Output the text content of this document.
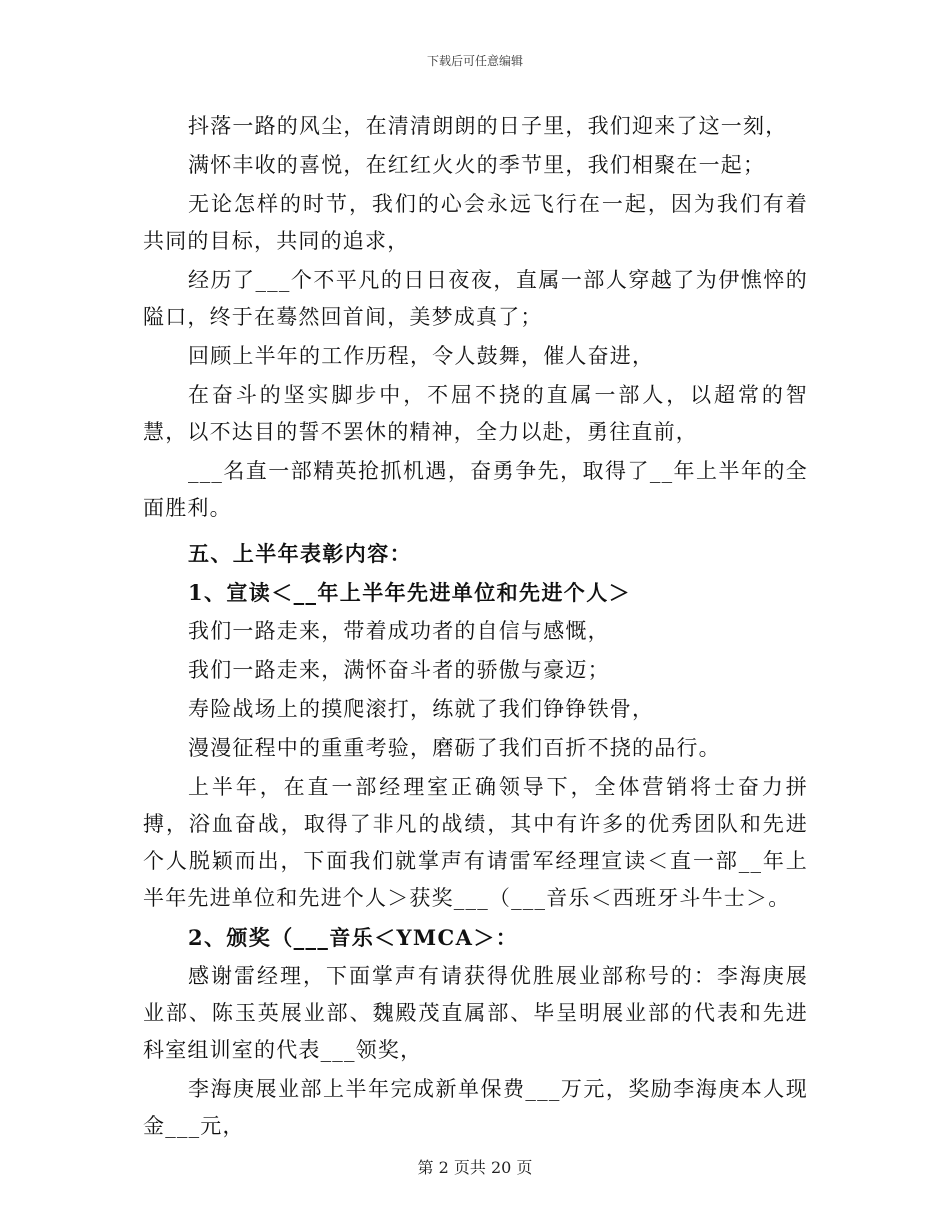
下载后可任意编辑

抖落一路的风尘，在清清朗朗的日子里，我们迎来了这一刻，

满怀丰收的喜悦，在红红火火的季节里，我们相聚在一起；

无论怎样的时节，我们的心会永远飞行在一起，因为我们有着共同的目标，共同的追求，

经历了___个不平凡的日日夜夜，直属一部人穿越了为伊憔悴的隘口，终于在蓦然回首间，美梦成真了；

回顾上半年的工作历程，令人鼓舞，催人奋进，

在奋斗的坚实脚步中，不屈不挠的直属一部人，以超常的智慧，以不达目的誓不罢休的精神，全力以赴，勇往直前，

___名直一部精英抢抓机遇，奋勇争先，取得了__年上半年的全面胜利。

五、上半年表彰内容：

1、宣读＜__年上半年先进单位和先进个人＞

我们一路走来，带着成功者的自信与感慨，

我们一路走来，满怀奋斗者的骄傲与豪迈；

寿险战场上的摸爬滚打，练就了我们铮铮铁骨，

漫漫征程中的重重考验，磨砺了我们百折不挠的品行。

上半年，在直一部经理室正确领导下，全体营销将士奋力拼搏，浴血奋战，取得了非凡的战绩，其中有许多的优秀团队和先进个人脱颖而出，下面我们就掌声有请雷军经理宣读＜直一部__年上半年先进单位和先进个人＞获奖___（___音乐＜西班牙斗牛士＞。

2、颁奖（___音乐＜YMCA＞：

感谢雷经理，下面掌声有请获得优胜展业部称号的：李海庚展业部、陈玉英展业部、魏殿茂直属部、毕呈明展业部的代表和先进科室组训室的代表___领奖，

李海庚展业部上半年完成新单保费___万元，奖励李海庚本人现金___元，

第 2 页共 20 页
